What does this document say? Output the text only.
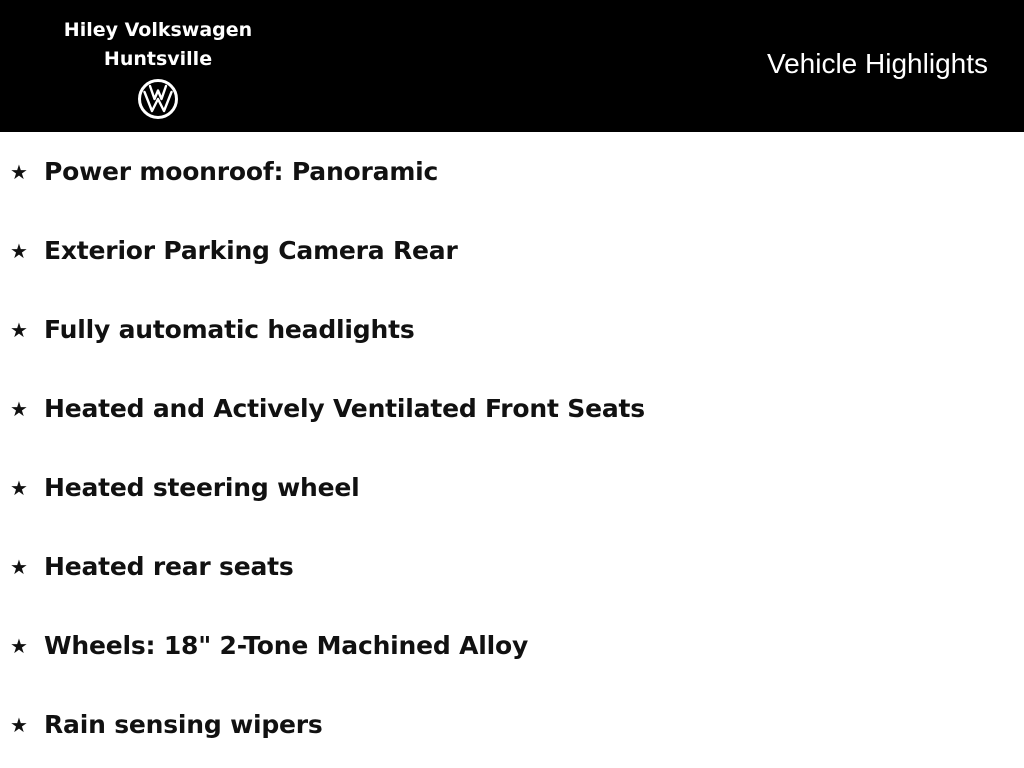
Hiley Volkswagen
Huntsville	Vehicle Highlights
★ Power moonroof: Panoramic
★ Exterior Parking Camera Rear
★ Fully automatic headlights
★ Heated and Actively Ventilated Front Seats
★ Heated steering wheel
★ Heated rear seats
★ Wheels: 18" 2-Tone Machined Alloy
★ Rain sensing wipers
